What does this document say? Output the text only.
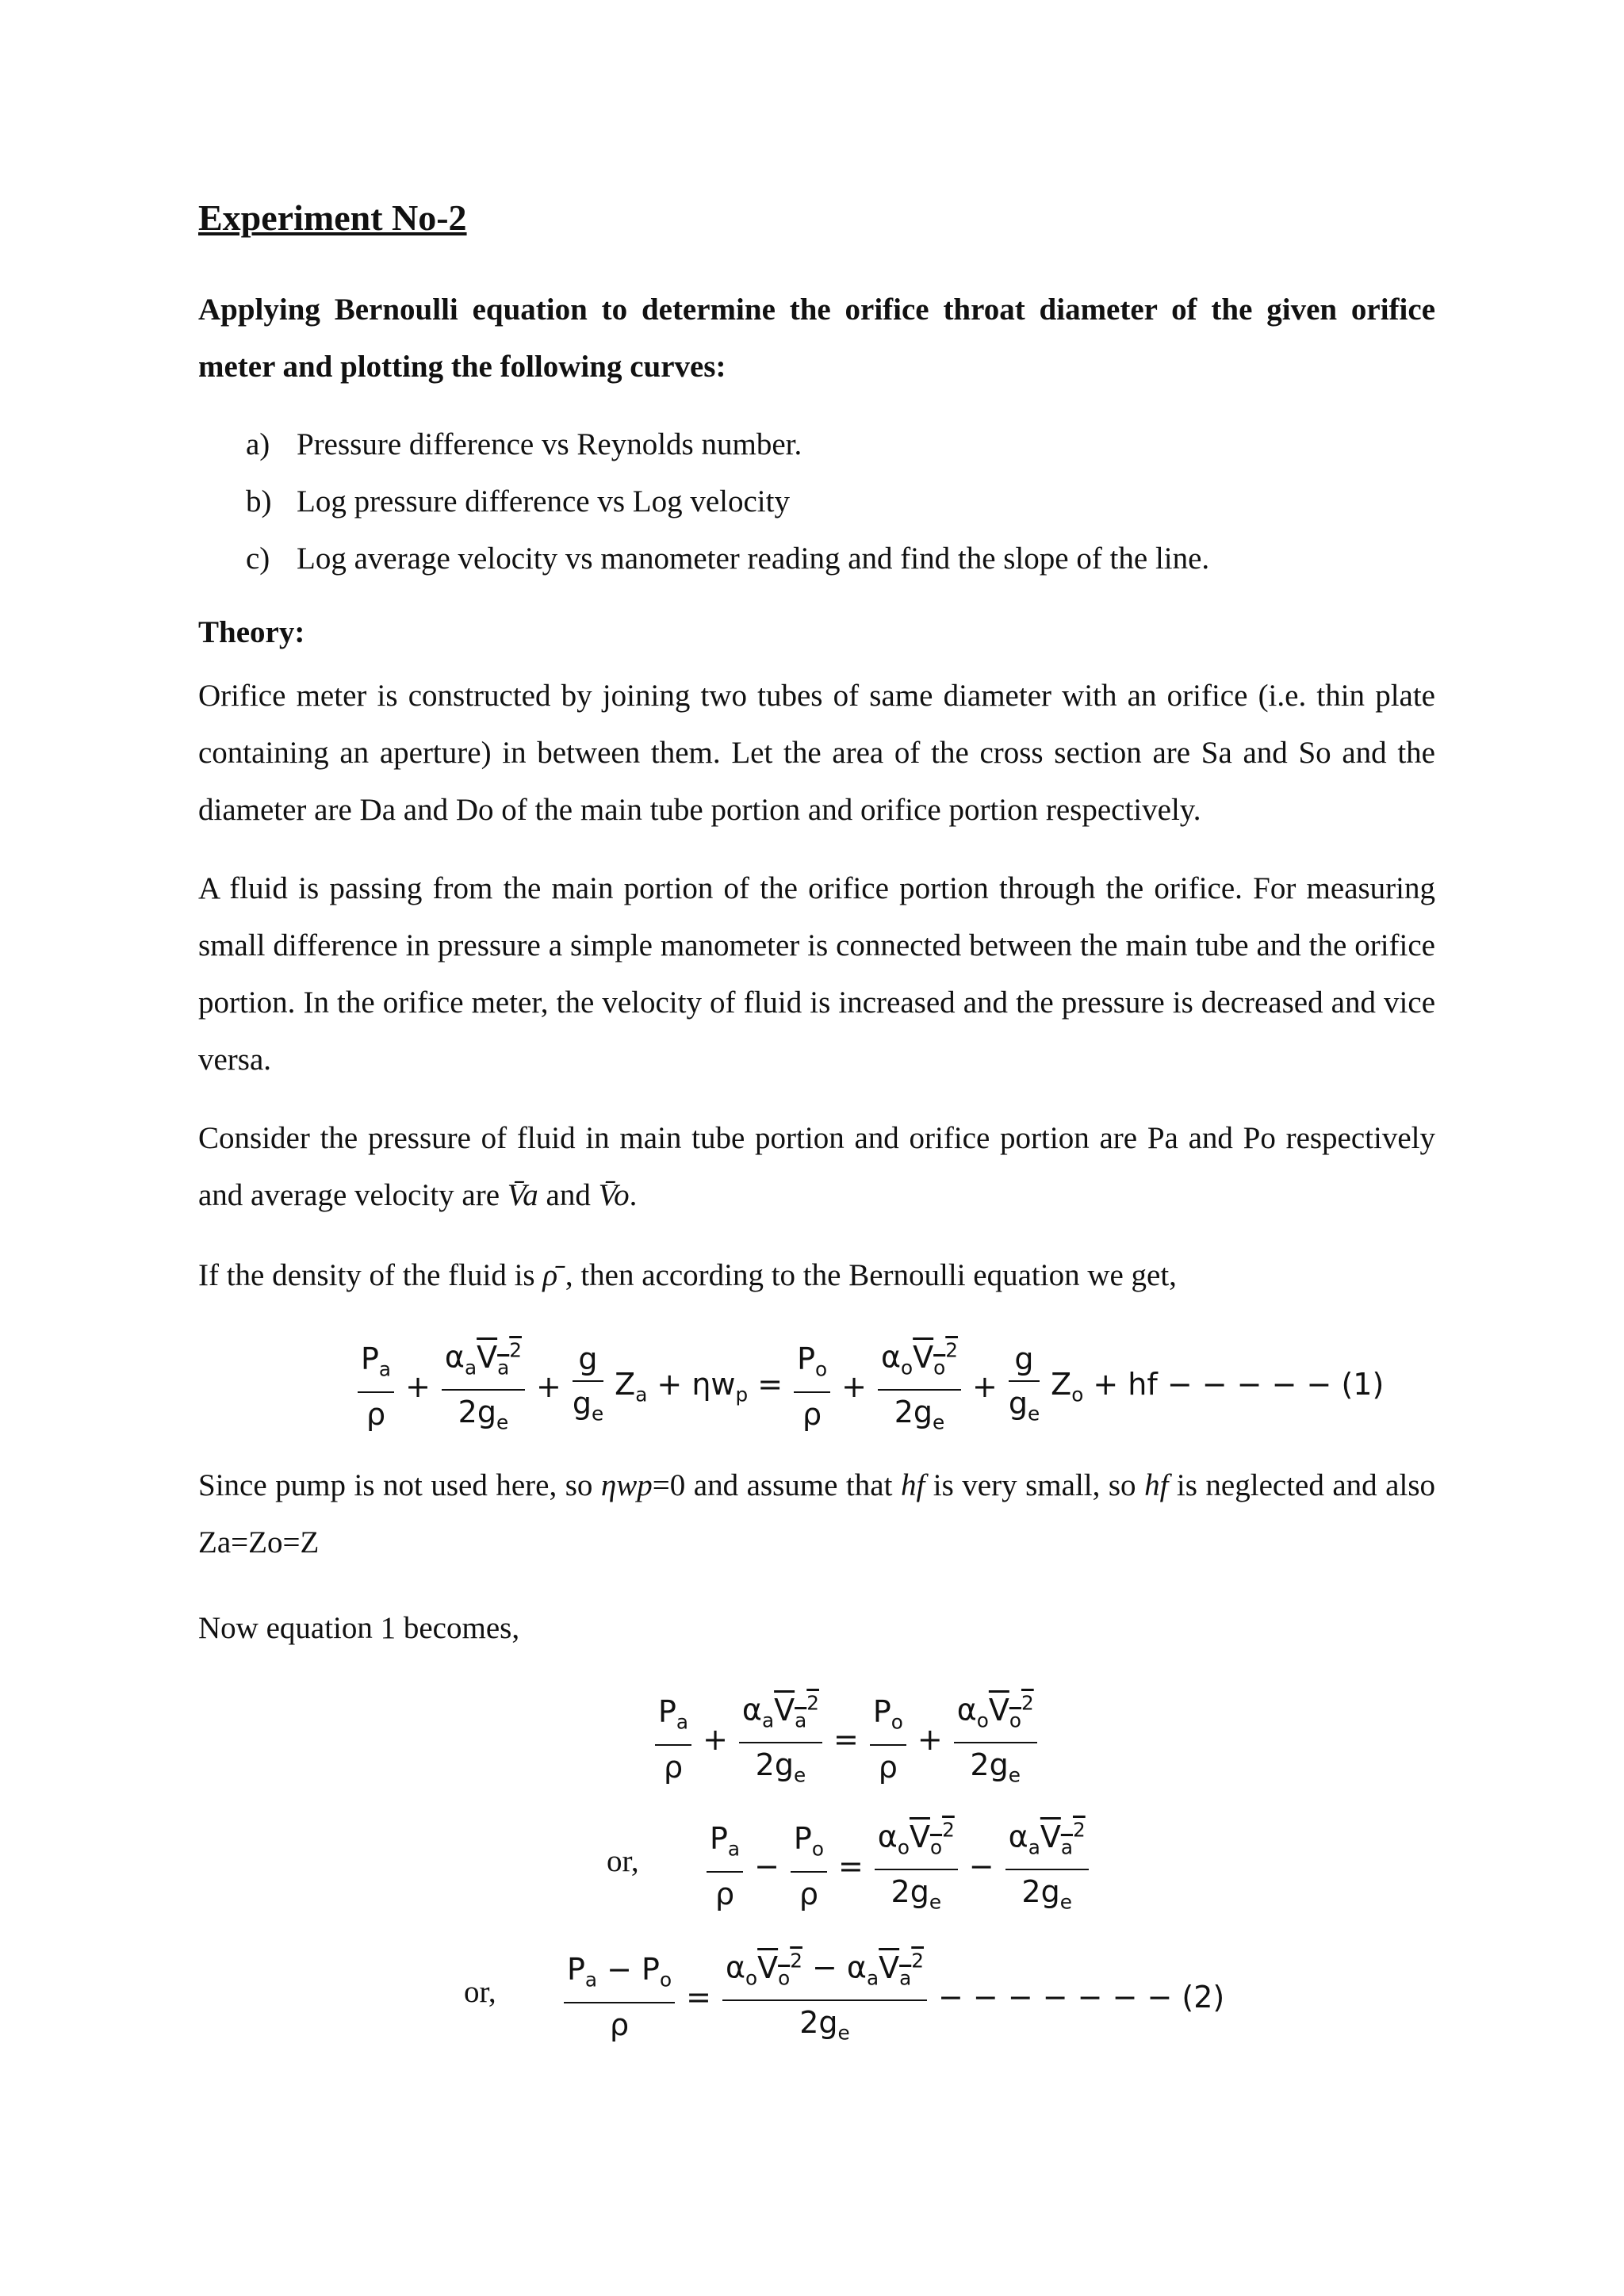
Experiment No-2
Applying Bernoulli equation to determine the orifice throat diameter of the given orifice meter and plotting the following curves:
a) Pressure difference vs Reynolds number.
b) Log pressure difference vs Log velocity
c) Log average velocity vs manometer reading and find the slope of the line.
Theory:
Orifice meter is constructed by joining two tubes of same diameter with an orifice (i.e. thin plate containing an aperture) in between them. Let the area of the cross section are Sa and So and the diameter are Da and Do of the main tube portion and orifice portion respectively.
A fluid is passing from the main portion of the orifice portion through the orifice. For measuring small difference in pressure a simple manometer is connected between the main tube and the orifice portion. In the orifice meter, the velocity of fluid is increased and the pressure is decreased and vice versa.
Consider the pressure of fluid in main tube portion and orifice portion are Pa and Po respectively and average velocity are V̄a and V̄o.
If the density of the fluid is ρ̄ , then according to the Bernoulli equation we get,
$\frac{P_a}{\rho} + \frac{\alpha_aV_a^2}{2g_e} + \frac{g}{g_e} Z_a + \eta w_p = \frac{P_o}{\rho} + \frac{\alpha_oV_o^2}{2g_e} + \frac{g}{g_e} Z_o$ + hf − − − − − (1)
Since pump is not used here, so ηwp=0 and assume that hf is very small, so hf is neglected and also Za=Zo=Z
Now equation 1 becomes,
$\frac{P_a}{\rho} + \frac{\alpha_aV_a^2}{2g_e} = \frac{P_o}{\rho} + \frac{\alpha_oV_o^2}{2g_e}$
or, $\frac{P_a}{\rho} - \frac{P_o}{\rho} = \frac{\alpha_oV_o^2}{2g_e} - \frac{\alpha_aV_a^2}{2g_e}$
or, $\frac{P_a - P_o}{\rho} = \frac{\alpha_oV_o^2 - \alpha_aV_a^2}{2g_e}$ − − − − − − − (2)
